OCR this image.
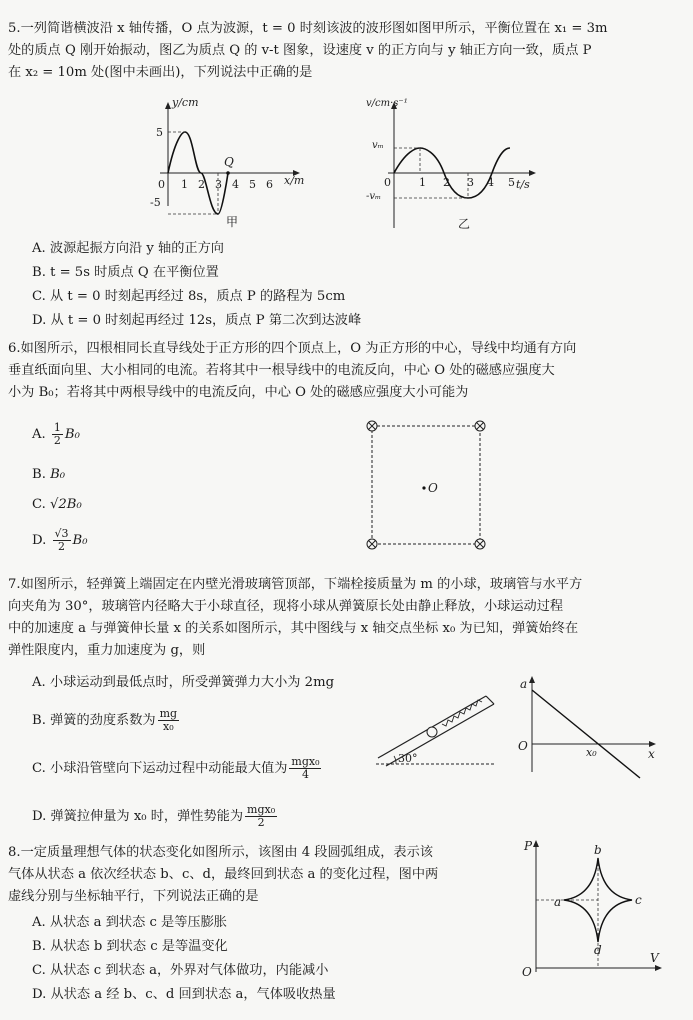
5.一列简谐横波沿 x 轴传播，O 点为波源，t = 0 时刻该波的波形图如图甲所示，平衡位置在 x₁ = 3m
处的质点 Q 刚开始振动，图乙为质点 Q 的 v-t 图象，设速度 v 的正方向与 y 轴正方向一致，质点 P
在 x₂ = 10m 处(图中未画出)，下列说法中正确的是
y/cm
x/m
5
-5
0 1 2 3 4 5 6
Q
甲
v/cm·s⁻¹
t/s
vₘ
-vₘ
0	1 2 3 4 5
乙
A. 波源起振方向沿 y 轴的正方向
B. t = 5s 时质点 Q 在平衡位置
C. 从 t = 0 时刻起再经过 8s，质点 P 的路程为 5cm
D. 从 t = 0 时刻起再经过 12s，质点 P 第二次到达波峰
6.如图所示，四根相同长直导线处于正方形的四个顶点上，O 为正方形的中心，导线中均通有方向
垂直纸面向里、大小相同的电流。若将其中一根导线中的电流反向，中心 O 处的磁感应强度大
小为 B₀；若将其中两根导线中的电流反向，中心 O 处的磁感应强度大小可能为
A. $\frac{1}{2} B_0$
B. B₀
C. √2B₀
D. $\frac{√3}{2} B_0$
O
7.如图所示，轻弹簧上端固定在内壁光滑玻璃管顶部，下端栓接质量为 m 的小球，玻璃管与水平方
向夹角为 30°，玻璃管内径略大于小球直径，现将小球从弹簧原长处由静止释放，小球运动过程
中的加速度 a 与弹簧伸长量 x 的关系如图所示，其中图线与 x 轴交点坐标 x₀ 为已知，弹簧始终在
弹性限度内，重力加速度为 g，则
A. 小球运动到最低点时，所受弹簧弹力大小为 2mg
B. 弹簧的劲度系数为 $\frac{mg}{\text{x₀}}$
C. 小球沿管壁向下运动过程中动能最大值为 $\frac{\text{mgx₀}}{4}$
D. 弹簧拉伸量为 x₀ 时，弹性势能为 $\frac{\text{mgx₀}}{2}$
30°
a
x
O	x₀
8.一定质量理想气体的状态变化如图所示，该图由 4 段圆弧组成，表示该
气体从状态 a 依次经状态 b、c、d，最终回到状态 a 的变化过程，图中两
虚线分别与坐标轴平行，下列说法正确的是
A. 从状态 a 到状态 c 是等压膨胀
B. 从状态 b 到状态 c 是等温变化
C. 从状态 c 到状态 a，外界对气体做功，内能减小
D. 从状态 a 经 b、c、d 回到状态 a，气体吸收热量
P
V
O
a
b
c
d
